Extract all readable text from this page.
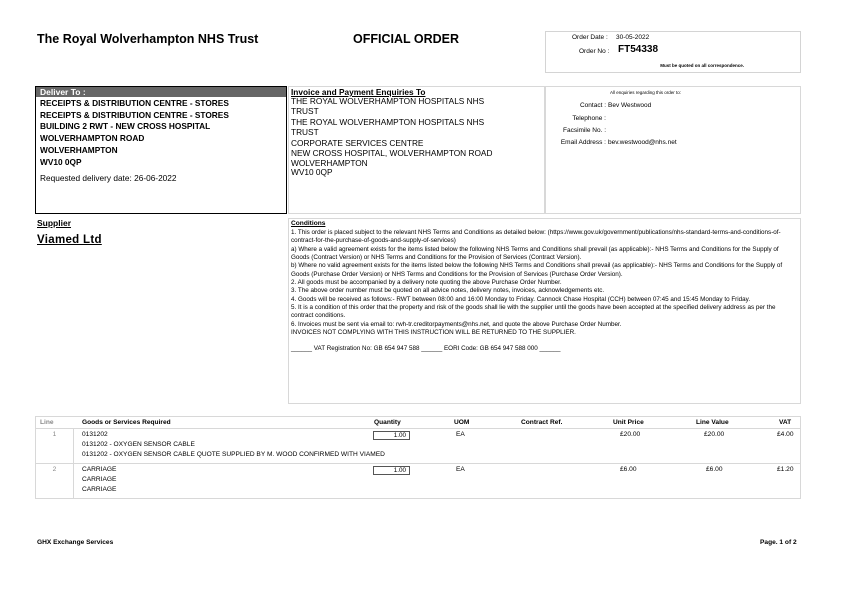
The Royal Wolverhampton NHS Trust	OFFICIAL ORDER	Order Date : 30-05-2022
Order No : FT54338
Must be quoted on all correspondence.
Deliver To :
RECEIPTS & DISTRIBUTION CENTRE - STORES
RECEIPTS & DISTRIBUTION CENTRE - STORES
BUILDING 2 RWT - NEW CROSS HOSPITAL
WOLVERHAMPTON ROAD
WOLVERHAMPTON
WV10 0QP
Requested delivery date: 26-06-2022
Invoice and Payment Enquiries To
THE ROYAL WOLVERHAMPTON HOSPITALS NHS
TRUST
THE ROYAL WOLVERHAMPTON HOSPITALS NHS
TRUST
CORPORATE SERVICES CENTRE
NEW CROSS HOSPITAL, WOLVERHAMPTON ROAD
WOLVERHAMPTON
WV10 0QP
All enquiries regarding this order to:
Contact : Bev Westwood
Telephone :
Facsimile No. :
Email Address : bev.westwood@nhs.net
Supplier
Viamed Ltd
Conditions
1. This order is placed subject to the relevant NHS Terms and Conditions as detailed below: (https://www.gov.uk/government/publications/nhs-standard-terms-and-conditions-of-contract-for-the-purchase-of-goods-and-supply-of-services)
a) Where a valid agreement exists for the items listed below the following NHS Terms and Conditions shall prevail (as applicable):- NHS Terms and Conditions for the Supply of Goods (Contract Version) or NHS Terms and Conditions for the Provision of Services (Contract Version).
b) Where no valid agreement exists for the items listed below the following NHS Terms and Conditions shall prevail (as applicable):- NHS Terms and Conditions for the Supply of Goods (Purchase Order Version) or NHS Terms and Conditions for the Provision of Services (Purchase Order Version).
2. All goods must be accompanied by a delivery note quoting the above Purchase Order Number.
3. The above order number must be quoted on all advice notes, delivery notes, invoices, acknowledgements etc.
4. Goods will be received as follows:- RWT between 08:00 and 16:00 Monday to Friday. Cannock Chase Hospital (CCH) between 07:45 and 15:45 Monday to Friday.
5. It is a condition of this order that the property and risk of the goods shall lie with the supplier until the goods have been accepted at the specified delivery address as per the contract conditions.
6. Invoices must be sent via email to: rwh-tr.creditorpayments@nhs.net, and quote the above Purchase Order Number.
INVOICES NOT COMPLYING WITH THIS INSTRUCTION WILL BE RETURNED TO THE SUPPLIER.
______ VAT Registration No: GB 654 947 588 ______ EORI Code: GB 654 947 588 000 ______
Line	Goods or Services Required	Quantity	UOM	Contract Ref.	Unit Price	Line Value	VAT
1	0131202
0131202 - OXYGEN SENSOR CABLE
0131202 - OXYGEN SENSOR CABLE QUOTE SUPPLIED BY M. WOOD CONFIRMED WITH VIAMED
1.00	EA	£20.00	£20.00	£4.00
2	CARRIAGE
CARRIAGE
CARRIAGE
1.00	EA	£6.00	£6.00	£1.20
GHX Exchange Services	Page. 1 of 2
